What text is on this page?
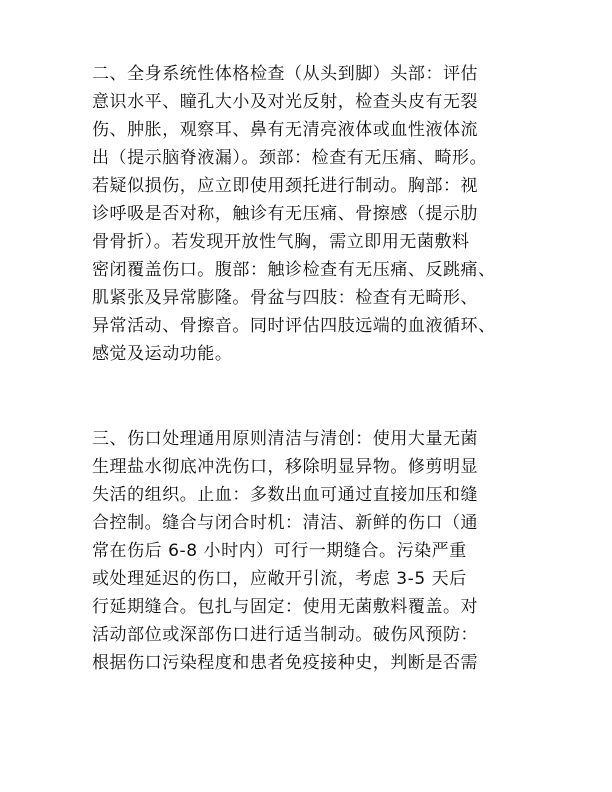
二、全身系统性体格检查（从头到脚）头部：评估
意识水平、瞳孔大小及对光反射，检查头皮有无裂
伤、肿胀，观察耳、鼻有无清亮液体或血性液体流
出（提示脑脊液漏）。颈部：检查有无压痛、畸形。
若疑似损伤，应立即使用颈托进行制动。胸部：视
诊呼吸是否对称，触诊有无压痛、骨擦感（提示肋
骨骨折）。若发现开放性气胸，需立即用无菌敷料
密闭覆盖伤口。腹部：触诊检查有无压痛、反跳痛、
肌紧张及异常膨隆。骨盆与四肢：检查有无畸形、
异常活动、骨擦音。同时评估四肢远端的血液循环、
感觉及运动功能。
三、伤口处理通用原则清洁与清创：使用大量无菌
生理盐水彻底冲洗伤口，移除明显异物。修剪明显
失活的组织。止血：多数出血可通过直接加压和缝
合控制。缝合与闭合时机：清洁、新鲜的伤口（通
常在伤后 6-8 小时内）可行一期缝合。污染严重
或处理延迟的伤口，应敞开引流，考虑 3-5 天后
行延期缝合。包扎与固定：使用无菌敷料覆盖。对
活动部位或深部伤口进行适当制动。破伤风预防：
根据伤口污染程度和患者免疫接种史，判断是否需
